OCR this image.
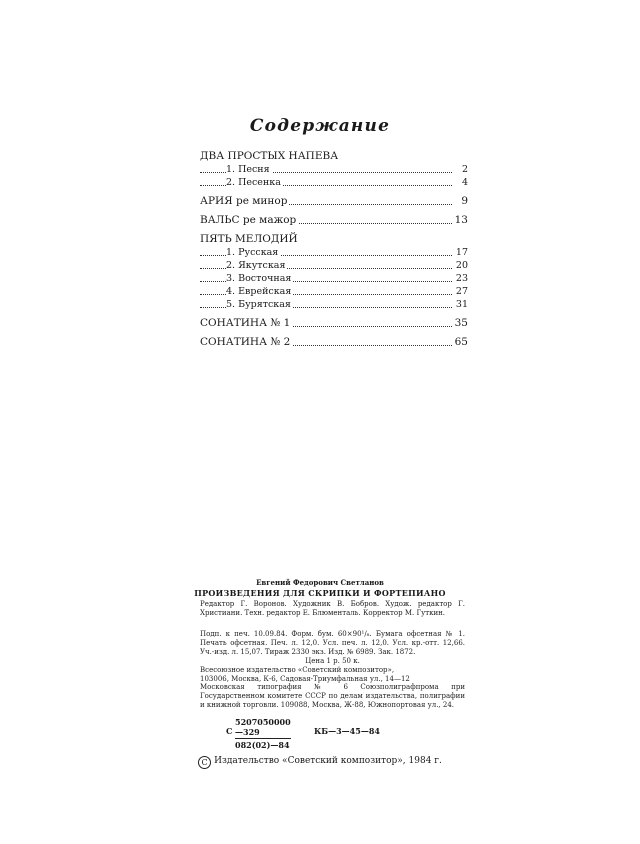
Содержание
ДВА ПРОСТЫХ НАПЕВА
1. Песня	2
2. Песенка	4
АРИЯ ре минор	9
ВАЛЬС ре мажор	13
ПЯТЬ МЕЛОДИЙ
1. Русская	17
2. Якутская	20
3. Восточная	23
4. Еврейская	27
5. Бурятская	31
СОНАТИНА № 1	35
СОНАТИНА № 2	65
Евгений Федорович Светланов
ПРОИЗВЕДЕНИЯ ДЛЯ СКРИПКИ И ФОРТЕПИАНО
Редактор Г. Воронов. Художник В. Бобров. Худож. редактор Г. Христиани. Техн. редактор Е. Блюменталь. Корректор М. Гуткин.
Подп. к печ. 10.09.84. Форм. бум. 60×90¹/₈. Бумага офсетная № 1. Печать офсетная. Печ. л. 12,0. Усл. печ. л. 12,0. Усл. кр.-отт. 12,66. Уч.-изд. л. 15,07. Тираж 2330 экз. Изд. № 6989. Зак. 1872.
Цена 1 р. 50 к.
Всесоюзное издательство «Советский композитор»,
103006, Москва, К-6, Садовая-Триумфальная ул., 14—12
Московская типография № 6 Союзполиграфпрома при Государственном комитете СССР по делам издательства, полиграфии и книжной торговли. 109088, Москва, Ж-88, Южнопортовая ул., 24.
С $\frac{5207050000—329}{082(02)—84}$	КБ—3—45—84
С Издательство «Советский композитор», 1984 г.
